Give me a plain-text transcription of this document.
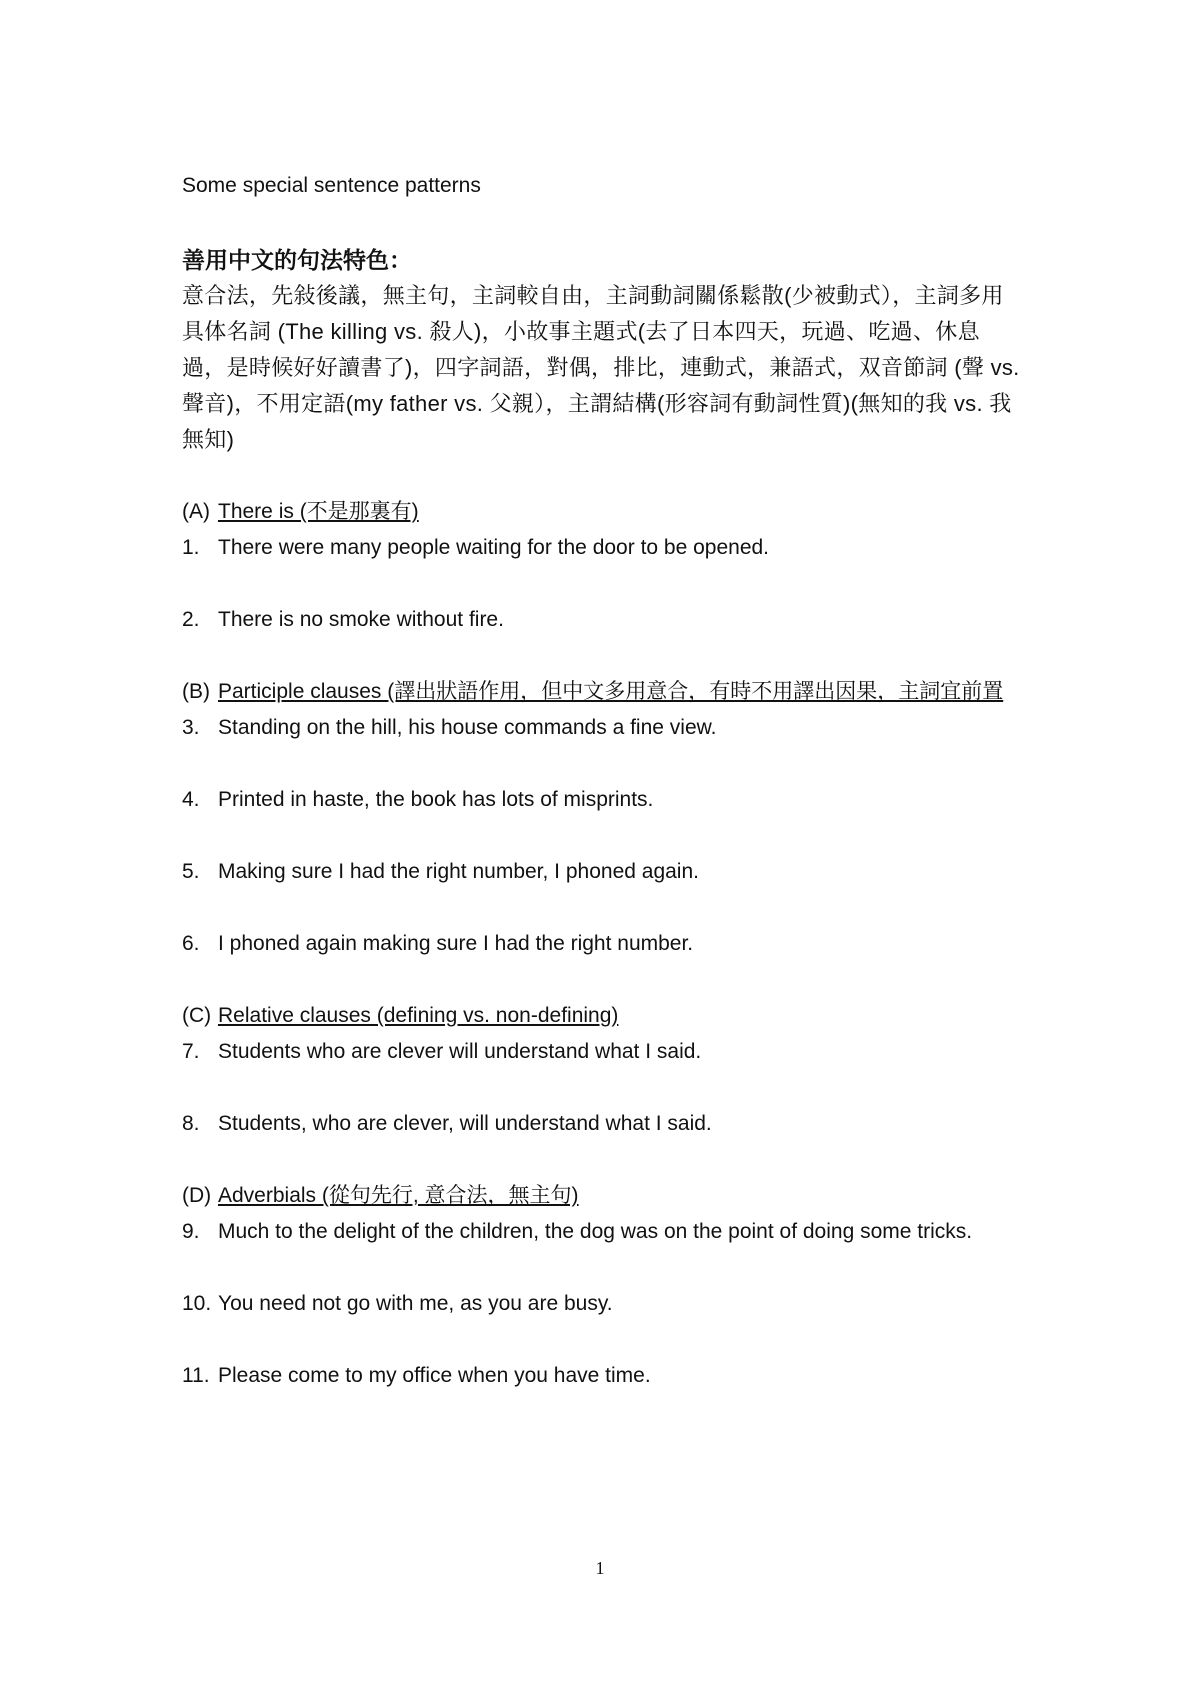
Some special sentence patterns

善用中文的句法特色：

意合法，先敍後議，無主句，主詞較自由，主詞動詞關係鬆散(少被動式），主詞多用具体名詞 (The killing vs. 殺人)，小故事主題式(去了日本四天，玩過、吃過、休息過，是時候好好讀書了)，四字詞語，對偶，排比，連動式，兼語式，双音節詞 (聲 vs. 聲音)，不用定語(my father vs. 父親），主謂結構(形容詞有動詞性質)(無知的我 vs. 我無知)

(A) There is (不是那裏有)
1. There were many people waiting for the door to be opened.
2. There is no smoke without fire.
(B) Participle clauses (譯出狀語作用，但中文多用意合，有時不用譯出因果，主詞宜前置
3. Standing on the hill, his house commands a fine view.
4. Printed in haste, the book has lots of misprints.
5. Making sure I had the right number, I phoned again.
6. I phoned again making sure I had the right number.
(C) Relative clauses (defining vs. non-defining)
7. Students who are clever will understand what I said.
8. Students, who are clever, will understand what I said.
(D) Adverbials (從句先行, 意合法，無主句)
9. Much to the delight of the children, the dog was on the point of doing some tricks.
10. You need not go with me, as you are busy.
11. Please come to my office when you have time.
1
